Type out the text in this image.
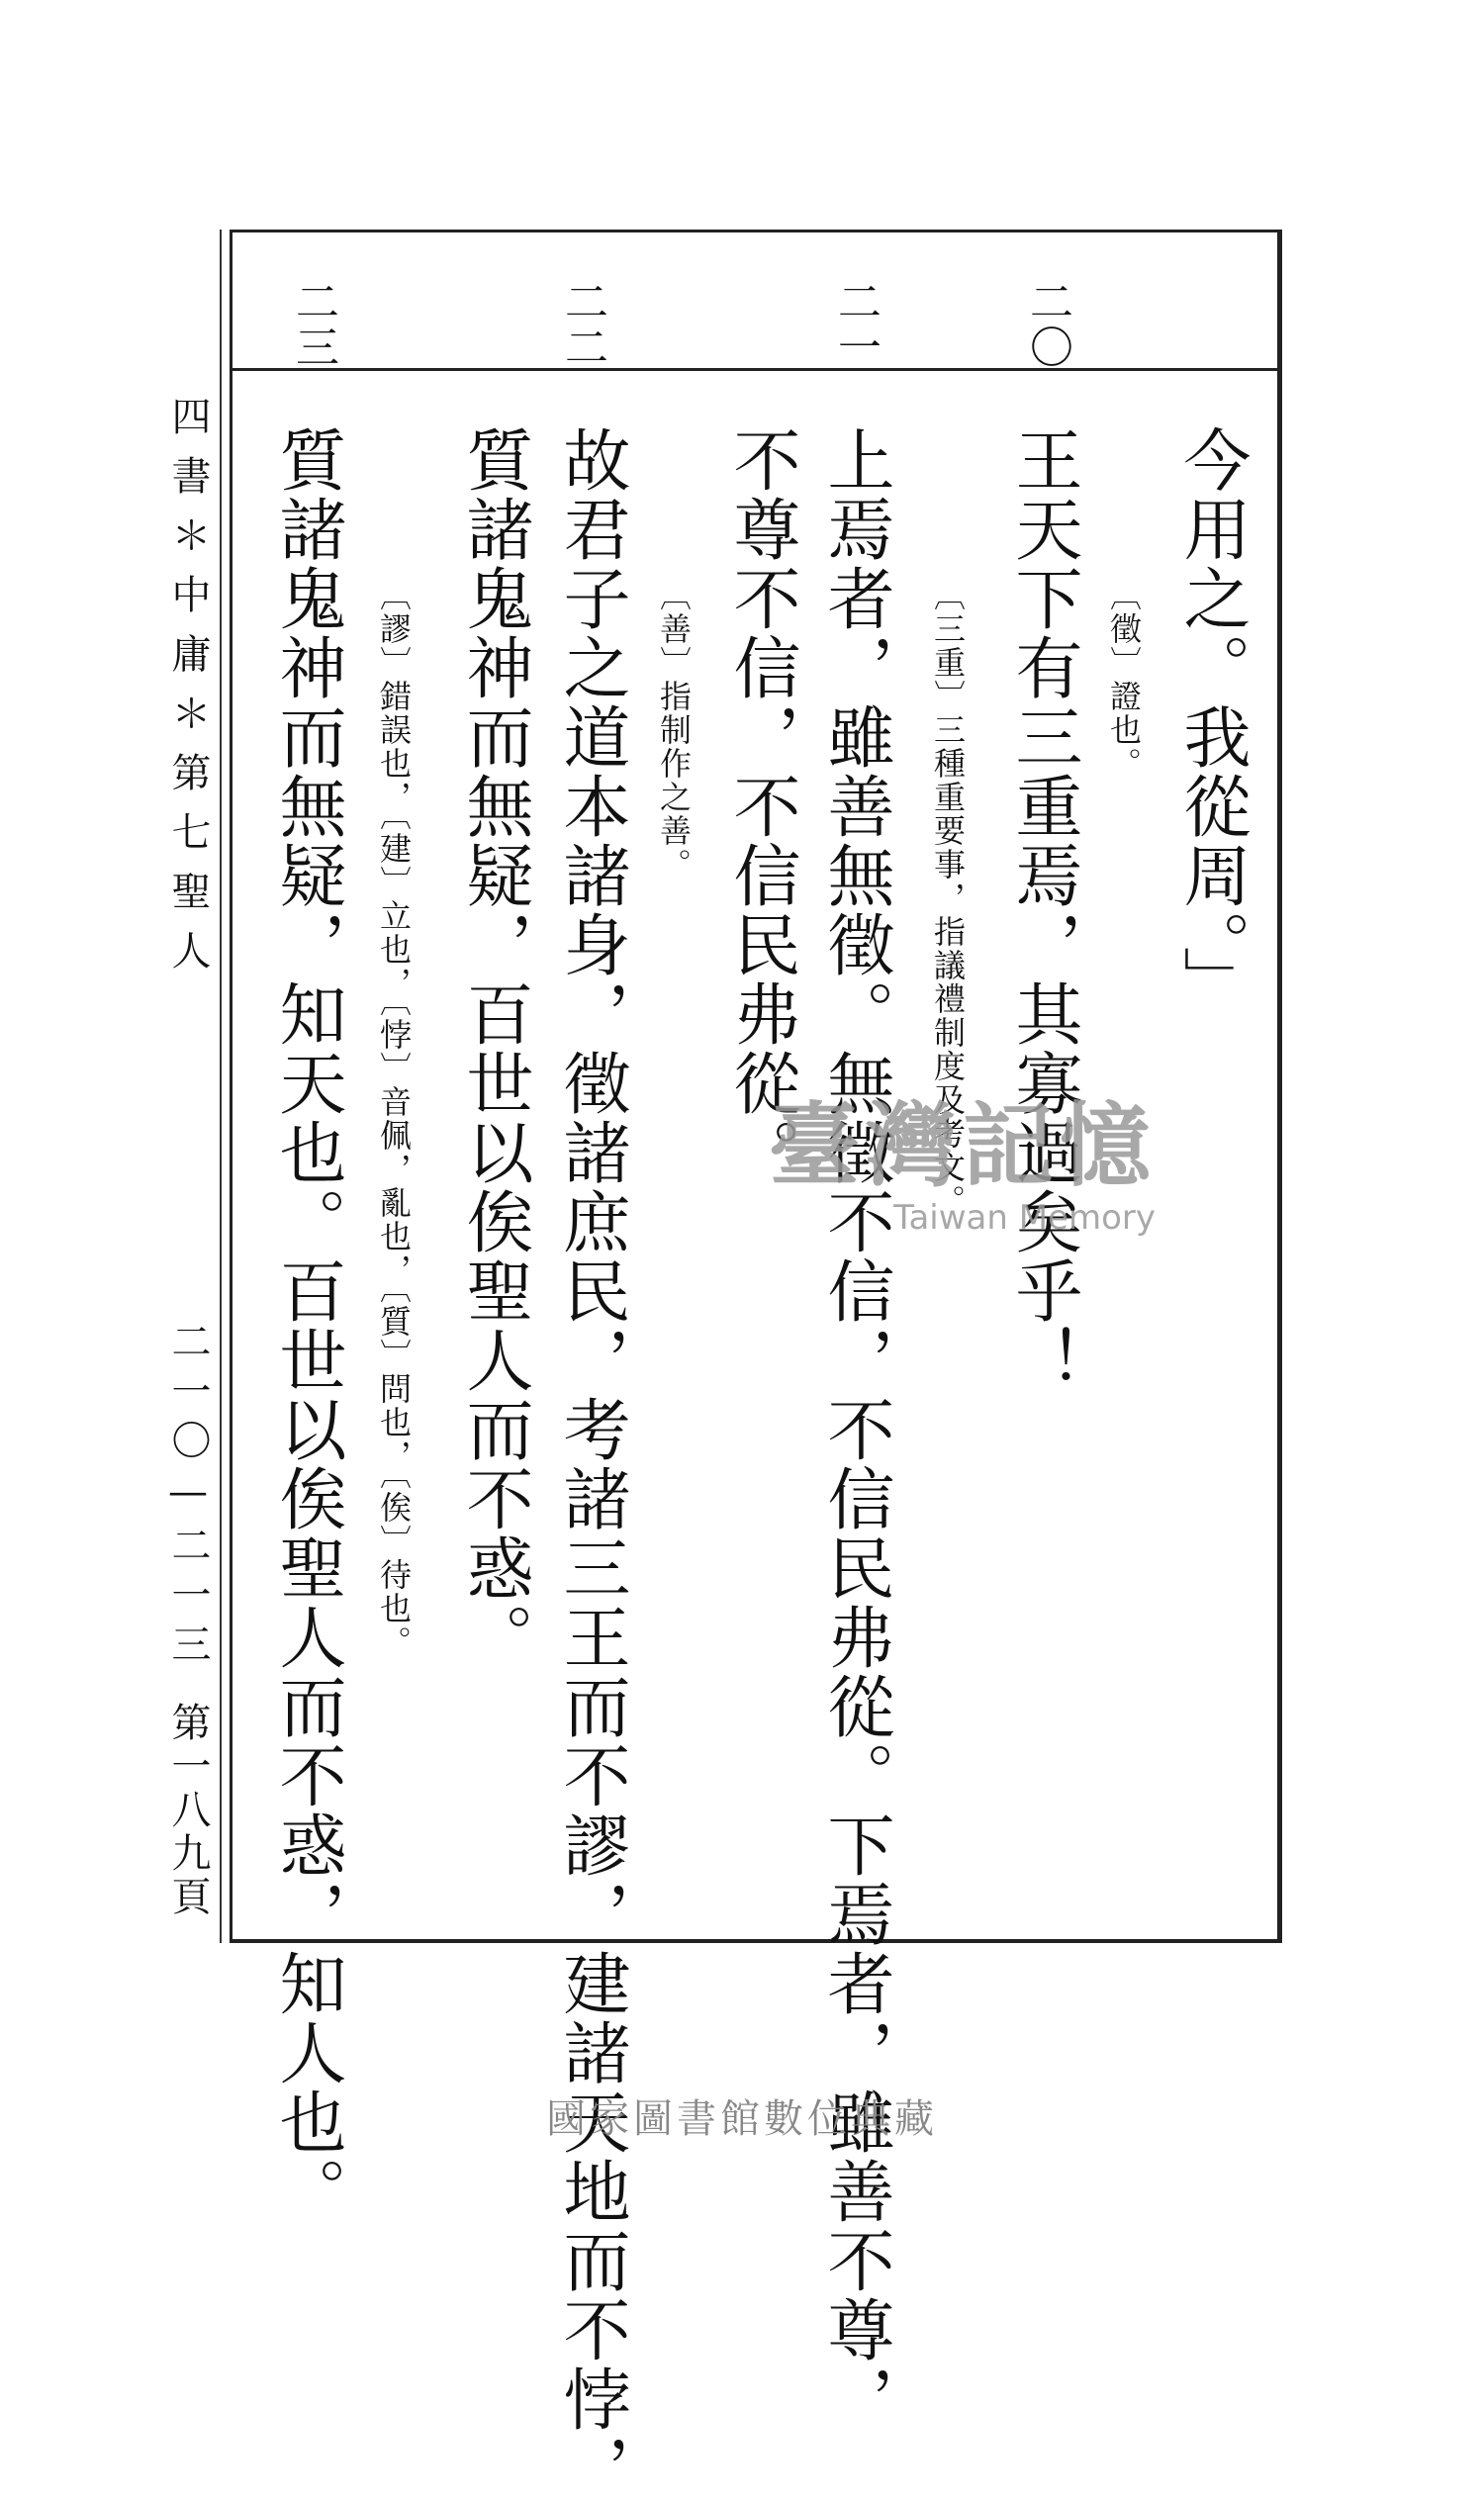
二〇
二一
二二
二三
今用之。我從周。」
〔徵〕證也。
王天下有三重焉，其寡過矣乎！
〔三重〕三種重要事，指議禮制度及考文。
上焉者，雖善無徵。無徵不信，不信民弗從。下焉者，雖善不尊，
不尊不信，不信民弗從。
〔善〕指制作之善。
故君子之道本諸身，徵諸庶民，考諸三王而不謬，建諸天地而不悖，
質諸鬼神而無疑，百世以俟聖人而不惑。
〔謬〕錯誤也，〔建〕立也，〔悖〕音佩，亂也，〔質〕問也，〔俟〕待也。
質諸鬼神而無疑，知天也。百世以俟聖人而不惑，知人也。
四書＊中庸＊第七聖人
二一〇—二一三
第一八九頁
臺灣記憶
Taiwan Memory
國家圖書館數位典藏
